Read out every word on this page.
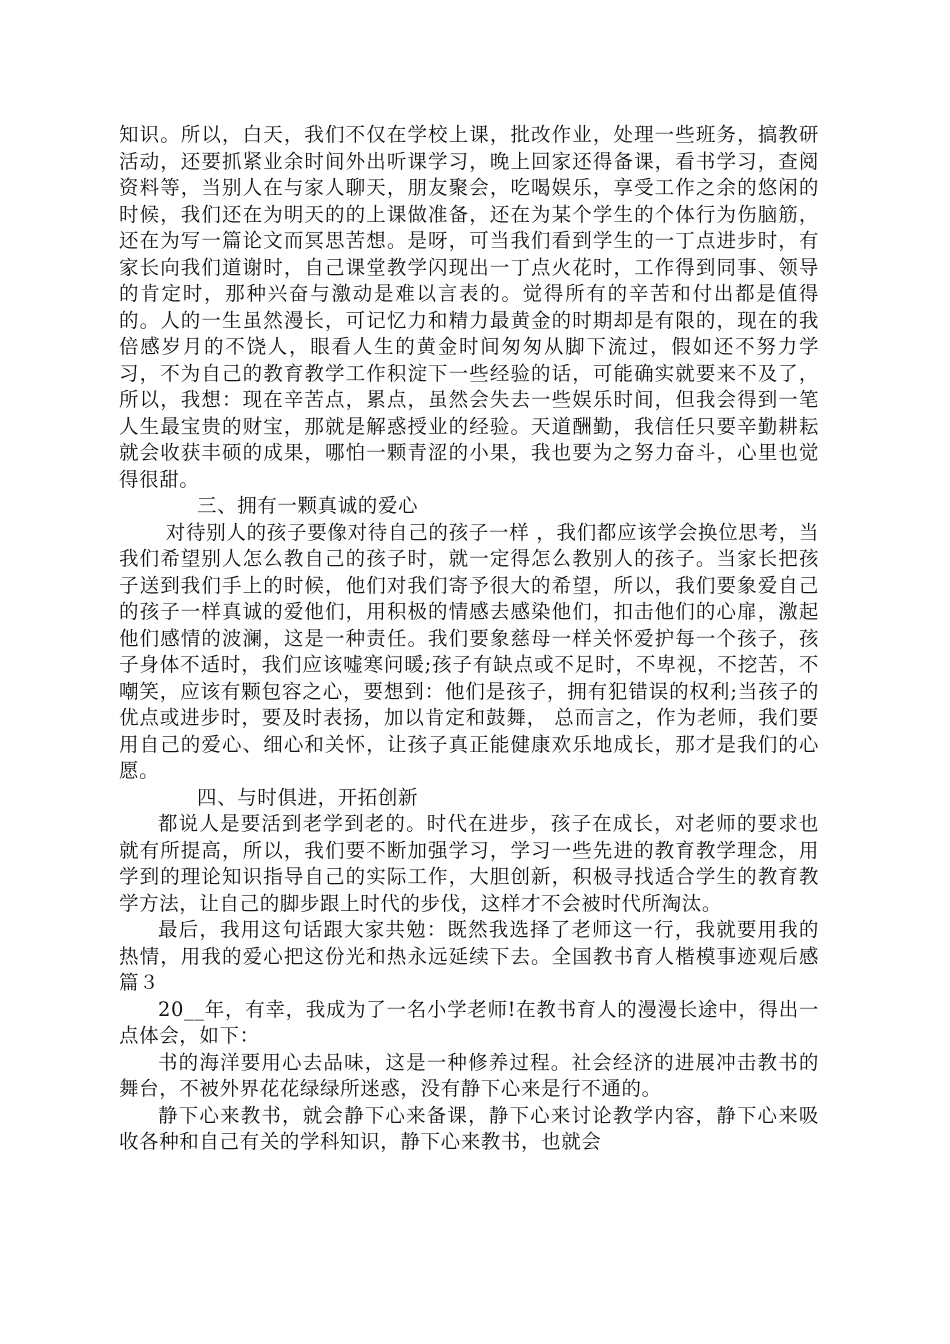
知识。所以，白天，我们不仅在学校上课，批改作业，处理一些班务，搞教研活动，还要抓紧业余时间外出听课学习，晚上回家还得备课，看书学习，查阅资料等，当别人在与家人聊天，朋友聚会，吃喝娱乐，享受工作之余的悠闲的时候，我们还在为明天的的上课做准备，还在为某个学生的个体行为伤脑筋，还在为写一篇论文而冥思苦想。是呀，可当我们看到学生的一丁点进步时，有家长向我们道谢时，自己课堂教学闪现出一丁点火花时，工作得到同事、领导的肯定时，那种兴奋与激动是难以言表的。觉得所有的辛苦和付出都是值得的。人的一生虽然漫长，可记忆力和精力最黄金的时期却是有限的，现在的我倍感岁月的不饶人，眼看人生的黄金时间匆匆从脚下流过，假如还不努力学习，不为自己的教育教学工作积淀下一些经验的话，可能确实就要来不及了，所以，我想：现在辛苦点，累点，虽然会失去一些娱乐时间，但我会得到一笔人生最宝贵的财宝，那就是解惑授业的经验。天道酬勤，我信任只要辛勤耕耘就会收获丰硕的成果，哪怕一颗青涩的小果，我也要为之努力奋斗，心里也觉得很甜。

三、拥有一颗真诚的爱心

对待别人的孩子要像对待自己的孩子一样 ，我们都应该学会换位思考，当我们希望别人怎么教自己的孩子时，就一定得怎么教别人的孩子。当家长把孩子送到我们手上的时候，他们对我们寄予很大的希望，所以，我们要象爱自己的孩子一样真诚的爱他们，用积极的情感去感染他们，扣击他们的心扉，激起他们感情的波澜，这是一种责任。我们要象慈母一样关怀爱护每一个孩子，孩子身体不适时，我们应该嘘寒问暖;孩子有缺点或不足时，不卑视，不挖苦，不嘲笑，应该有颗包容之心，要想到：他们是孩子，拥有犯错误的权利;当孩子的优点或进步时，要及时表扬，加以肯定和鼓舞， 总而言之，作为老师，我们要用自己的爱心、细心和关怀，让孩子真正能健康欢乐地成长，那才是我们的心愿。

四、与时俱进，开拓创新

都说人是要活到老学到老的。时代在进步，孩子在成长，对老师的要求也就有所提高，所以，我们要不断加强学习，学习一些先进的教育教学理念，用学到的理论知识指导自己的实际工作，大胆创新，积极寻找适合学生的教育教学方法，让自己的脚步跟上时代的步伐，这样才不会被时代所淘汰。

最后，我用这句话跟大家共勉：既然我选择了老师这一行，我就要用我的热情，用我的爱心把这份光和热永远延续下去。全国教书育人楷模事迹观后感篇３

20__年，有幸，我成为了一名小学老师!在教书育人的漫漫长途中，得出一点体会，如下：

书的海洋要用心去品味，这是一种修养过程。社会经济的进展冲击教书的舞台，不被外界花花绿绿所迷惑，没有静下心来是行不通的。

静下心来教书，就会静下心来备课，静下心来讨论教学内容，静下心来吸收各种和自己有关的学科知识，静下心来教书，也就会
